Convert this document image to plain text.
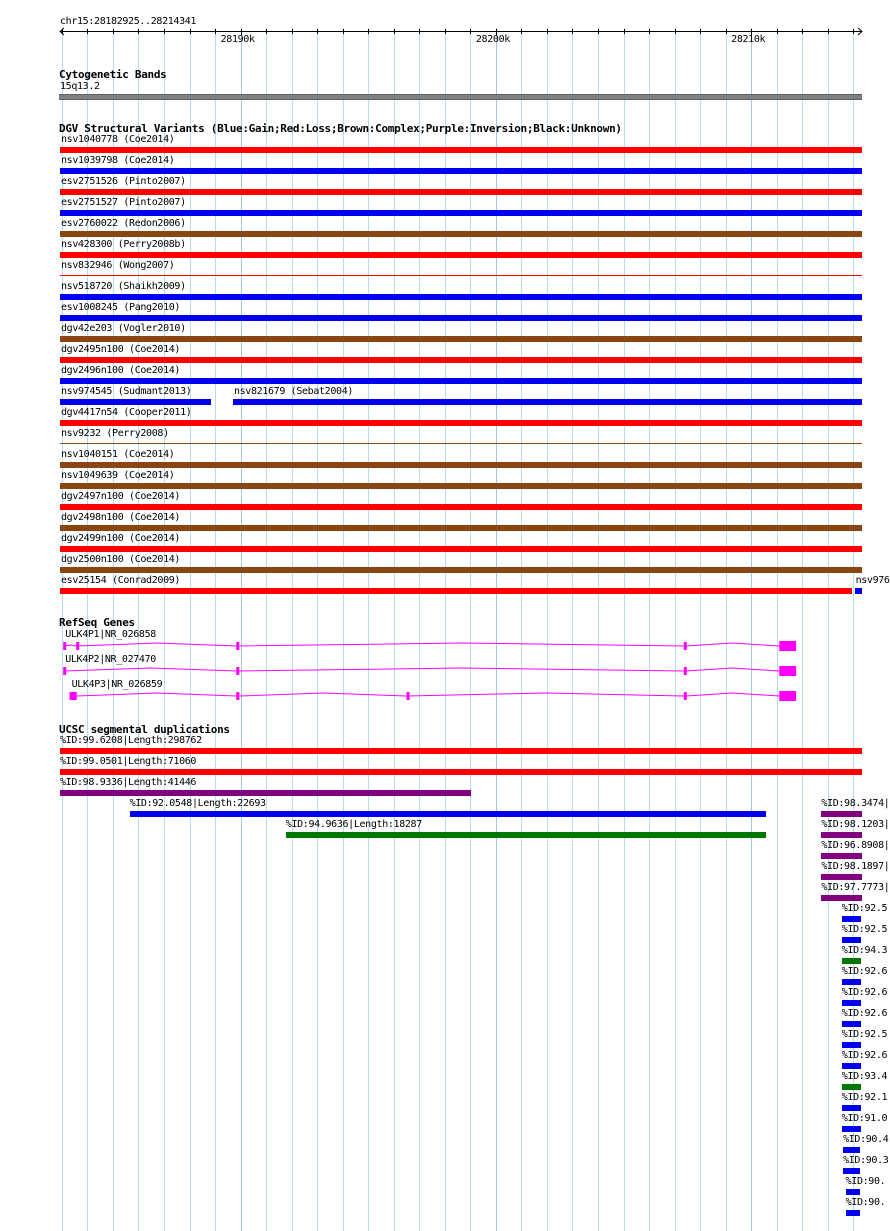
chr15:28182925..28214341
Cytogenetic Bands
15q13.2
DGV Structural Variants (Blue:Gain;Red:Loss;Brown:Complex;Purple:Inversion;Black:Unknown)
nsv1040778 (Coe2014)
nsv1039798 (Coe2014)
esv2751526 (Pinto2007)
esv2751527 (Pinto2007)
esv2760022 (Redon2006)
nsv428300 (Perry2008b)
nsv832946 (Wong2007)
nsv518720 (Shaikh2009)
esv1008245 (Pang2010)
dgv42e203 (Vogler2010)
dgv2495n100 (Coe2014)
dgv2496n100 (Coe2014)
nsv974545 (Sudmant2013)	nsv821679 (Sebat2004)
dgv4417n54 (Cooper2011)
nsv9232 (Perry2008)
nsv1040151 (Coe2014)
nsv1049639 (Coe2014)
dgv2497n100 (Coe2014)
dgv2498n100 (Coe2014)
dgv2499n100 (Coe2014)
dgv2500n100 (Coe2014)
esv25154 (Conrad2009)	nsv976
RefSeq Genes
ULK4P1|NR_026858
ULK4P2|NR_027470
ULK4P3|NR_026859
UCSC segmental duplications
%ID:99.6208|Length:298762
%ID:99.0501|Length:71060
%ID:98.9336|Length:41446
%ID:92.0548|Length:22693
%ID:94.9636|Length:18287
%ID:98.3474|
%ID:98.1203|
%ID:96.8908|
%ID:98.1897|
%ID:97.7773|
%ID:92.5
%ID:92.5
%ID:94.3
%ID:92.6
%ID:92.6
%ID:92.6
%ID:92.5
%ID:92.6
%ID:93.4
%ID:92.1
%ID:91.0
%ID:90.4
%ID:90.3
%ID:90.
%ID:90.
28190k	28200k	28210k
